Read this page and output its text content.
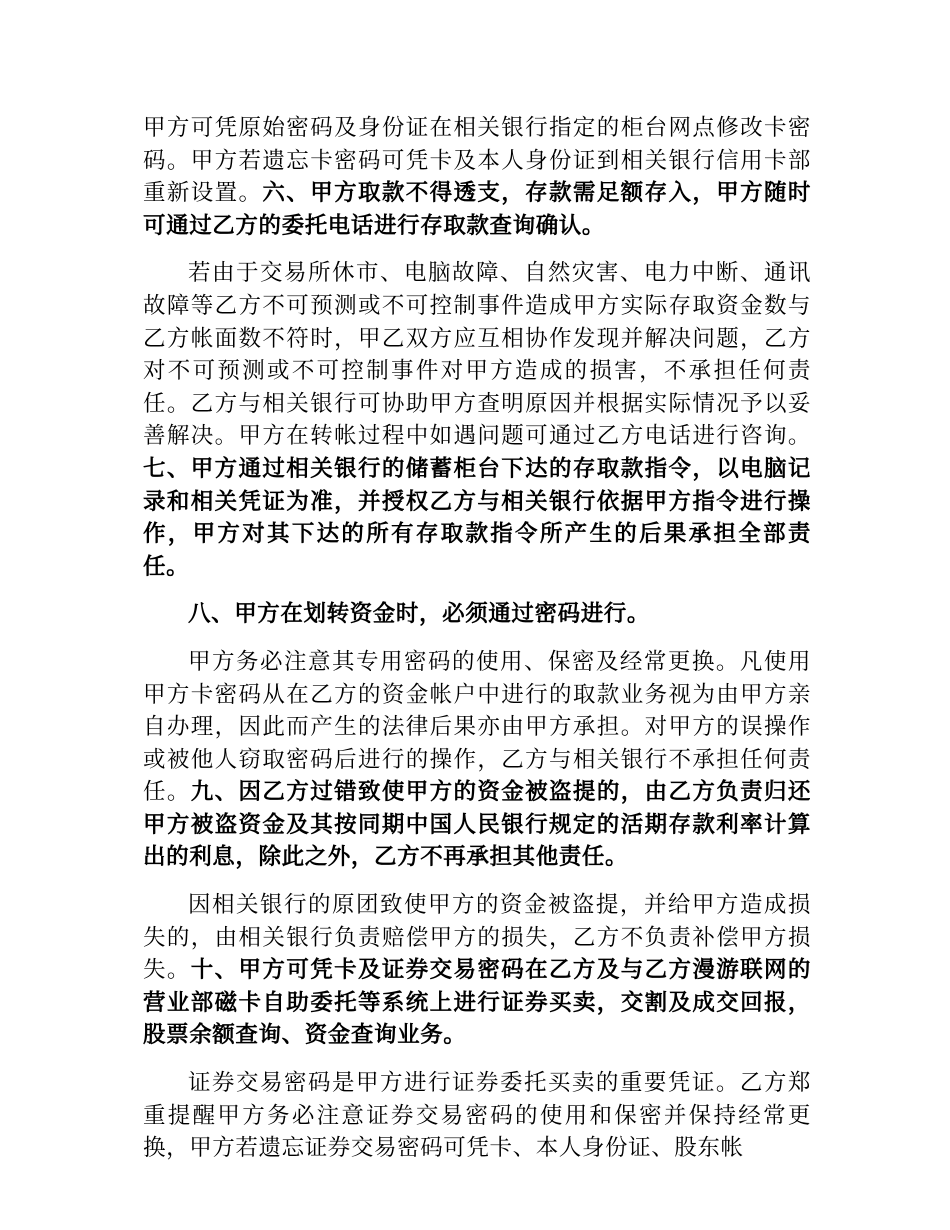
甲方可凭原始密码及身份证在相关银行指定的柜台网点修改卡密码。甲方若遗忘卡密码可凭卡及本人身份证到相关银行信用卡部重新设置。六、甲方取款不得透支，存款需足额存入，甲方随时可通过乙方的委托电话进行存取款查询确认。

若由于交易所休市、电脑故障、自然灾害、电力中断、通讯故障等乙方不可预测或不可控制事件造成甲方实际存取资金数与乙方帐面数不符时，甲乙双方应互相协作发现并解决问题，乙方对不可预测或不可控制事件对甲方造成的损害，不承担任何责任。乙方与相关银行可协助甲方查明原因并根据实际情况予以妥善解决。甲方在转帐过程中如遇问题可通过乙方电话进行咨询。七、甲方通过相关银行的储蓄柜台下达的存取款指令，以电脑记录和相关凭证为准，并授权乙方与相关银行依据甲方指令进行操作，甲方对其下达的所有存取款指令所产生的后果承担全部责任。

八、甲方在划转资金时，必须通过密码进行。

甲方务必注意其专用密码的使用、保密及经常更换。凡使用甲方卡密码从在乙方的资金帐户中进行的取款业务视为由甲方亲自办理，因此而产生的法律后果亦由甲方承担。对甲方的误操作或被他人窃取密码后进行的操作，乙方与相关银行不承担任何责任。九、因乙方过错致使甲方的资金被盗提的，由乙方负责归还甲方被盗资金及其按同期中国人民银行规定的活期存款利率计算出的利息，除此之外，乙方不再承担其他责任。

因相关银行的原团致使甲方的资金被盗提，并给甲方造成损失的，由相关银行负责赔偿甲方的损失，乙方不负责补偿甲方损失。十、甲方可凭卡及证券交易密码在乙方及与乙方漫游联网的营业部磁卡自助委托等系统上进行证券买卖，交割及成交回报，股票余额查询、资金查询业务。

证券交易密码是甲方进行证券委托买卖的重要凭证。乙方郑重提醒甲方务必注意证券交易密码的使用和保密并保持经常更换，甲方若遗忘证券交易密码可凭卡、本人身份证、股东帐
